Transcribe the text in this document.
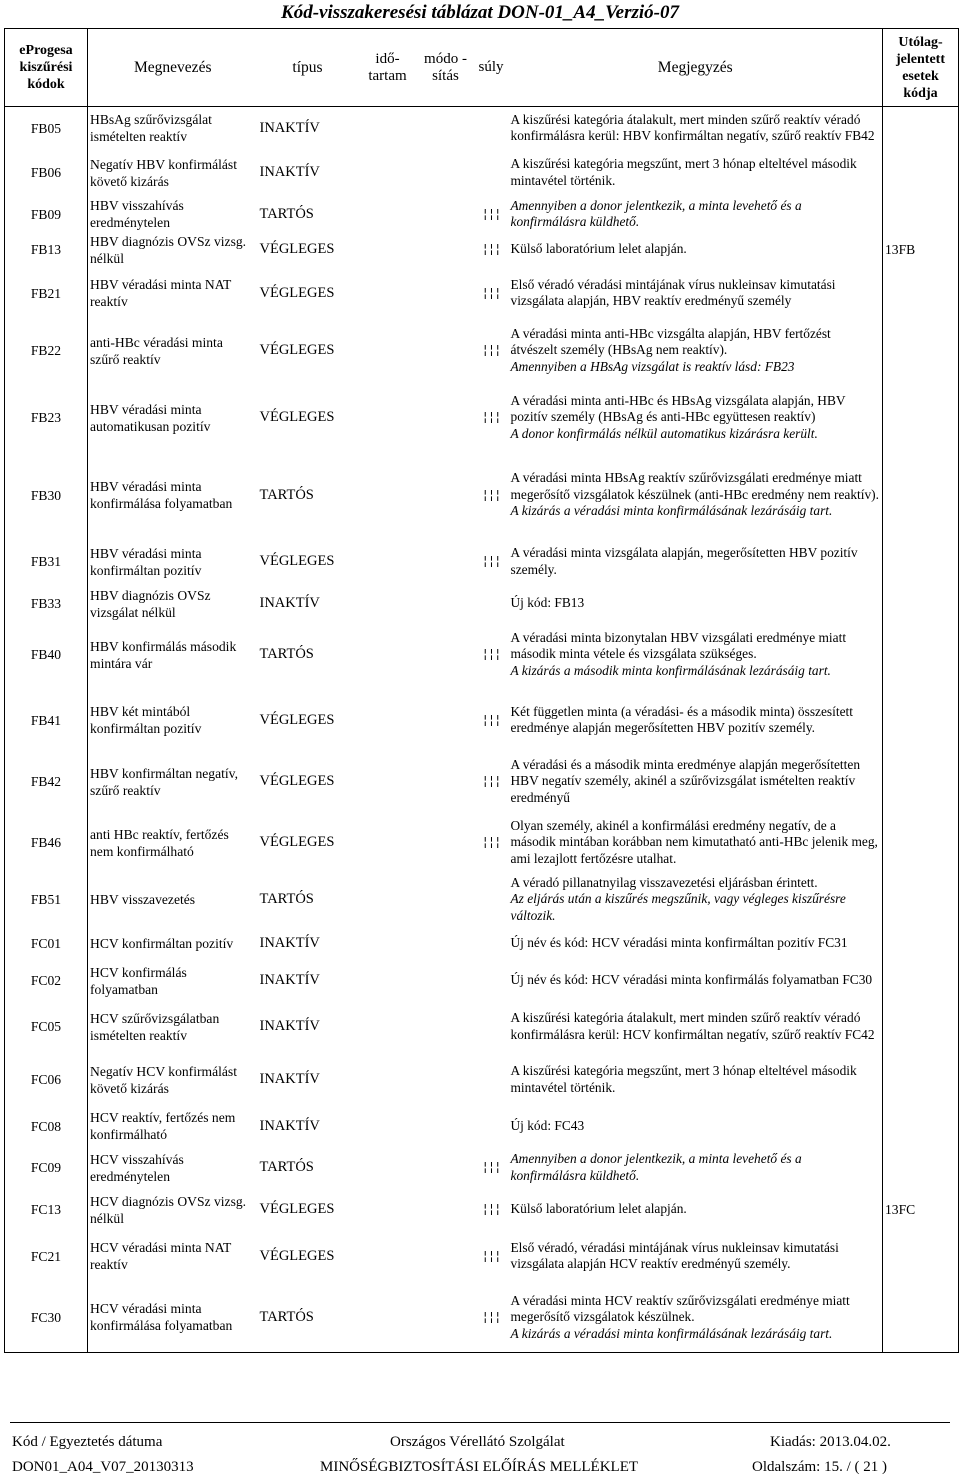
Kód-visszakeresési táblázat DON-01_A4_Verzió-07
eProgesa kiszűrési kódok	Megnevezés	típus	idő-tartam	módo -sítás	súly	Megjegyzés	Utólag-jelentett esetek kódja
FB05	HBsAg szűrővizsgálat ismételten reaktív	INAKTÍV				A kiszűrési kategória átalakult, mert minden szűrő reaktív véradó konfirmálásra kerül: HBV konfirmáltan negatív, szűrő reaktív FB42	
FB06	Negatív HBV konfirmálást követő kizárás	INAKTÍV				A kiszűrési kategória megszűnt, mert 3 hónap elteltével második mintavétel történik.	
FB09	HBV visszahívás eredménytelen	TARTÓS			¦¦¦	Amennyiben a donor jelentkezik, a minta levehető és a konfirmálásra küldhető.	
FB13	HBV diagnózis OVSz vizsg. nélkül	VÉGLEGES			¦¦¦	Külső laboratórium lelet alapján.	13FB
FB21	HBV véradási minta NAT reaktív	VÉGLEGES			¦¦¦	Első véradó véradási mintájának vírus nukleinsav kimutatási vizsgálata alapján, HBV reaktív eredményű személy	
FB22	anti-HBc véradási minta szűrő reaktív	VÉGLEGES			¦¦¦	A véradási minta anti-HBc vizsgálta alapján, HBV fertőzést átvészelt személy (HBsAg nem reaktív).
Amennyiben a HBsAg vizsgálat is reaktív lásd: FB23	
FB23	HBV véradási minta automatikusan pozitív	VÉGLEGES			¦¦¦	A véradási minta anti-HBc és HBsAg vizsgálata alapján, HBV pozitív személy (HBsAg és anti-HBc együttesen reaktív)
A donor konfirmálás nélkül automatikus kizárásra került.	
FB30	HBV véradási minta konfirmálása folyamatban	TARTÓS			¦¦¦	A véradási minta HBsAg reaktív szűrővizsgálati eredménye miatt megerősítő vizsgálatok készülnek (anti-HBc eredmény nem reaktív).
A kizárás a véradási minta konfirmálásának lezárásáig tart.	
FB31	HBV véradási minta konfirmáltan pozitív	VÉGLEGES			¦¦¦	A véradási minta vizsgálata alapján, megerősítetten HBV pozitív személy.	
FB33	HBV diagnózis OVSz vizsgálat nélkül	INAKTÍV				Új kód: FB13	
FB40	HBV konfirmálás második mintára vár	TARTÓS			¦¦¦	A véradási minta bizonytalan HBV vizsgálati eredménye miatt második minta vétele és vizsgálata szükséges.
A kizárás a második minta konfirmálásának lezárásáig tart.	
FB41	HBV két mintából konfirmáltan pozitív	VÉGLEGES			¦¦¦	Két független minta (a véradási- és a második minta) összesített eredménye alapján megerősítetten HBV pozitív személy.	
FB42	HBV konfirmáltan negatív, szűrő reaktív	VÉGLEGES			¦¦¦	A véradási és a második minta eredménye alapján megerősítetten HBV negatív személy, akinél a szűrővizsgálat ismételten reaktív eredményű	
FB46	anti HBc reaktív, fertőzés nem konfirmálható	VÉGLEGES			¦¦¦	Olyan személy, akinél a konfirmálási eredmény negatív, de a második mintában korábban nem kimutatható anti-HBc jelenik meg, ami lezajlott fertőzésre utalhat.	
FB51	HBV visszavezetés	TARTÓS				A véradó pillanatnyilag visszavezetési eljárásban érintett.
Az eljárás után a kiszűrés megszűnik, vagy végleges kiszűrésre változik.	
FC01	HCV konfirmáltan pozitív	INAKTÍV				Új név és kód: HCV véradási minta konfirmáltan pozitív FC31	
FC02	HCV konfirmálás folyamatban	INAKTÍV				Új név és kód: HCV véradási minta konfirmálás folyamatban FC30	
FC05	HCV szűrővizsgálatban ismételten reaktív	INAKTÍV				A kiszűrési kategória átalakult, mert minden szűrő reaktív véradó konfirmálásra kerül: HCV konfirmáltan negatív, szűrő reaktív FC42	
FC06	Negatív HCV konfirmálást követő kizárás	INAKTÍV				A kiszűrési kategória megszűnt, mert 3 hónap elteltével második mintavétel történik.	
FC08	HCV reaktív, fertőzés nem konfirmálható	INAKTÍV				Új kód: FC43	
FC09	HCV visszahívás eredménytelen	TARTÓS			¦¦¦	Amennyiben a donor jelentkezik, a minta levehető és a konfirmálásra küldhető.	
FC13	HCV diagnózis OVSz vizsg. nélkül	VÉGLEGES			¦¦¦	Külső laboratórium lelet alapján.	13FC
FC21	HCV véradási minta NAT reaktív	VÉGLEGES			¦¦¦	Első véradó, véradási mintájának vírus nukleinsav kimutatási vizsgálata alapján HCV reaktív eredményű személy.	
FC30	HCV véradási minta konfirmálása folyamatban	TARTÓS			¦¦¦	A véradási minta HCV reaktív szűrővizsgálati eredménye miatt megerősítő vizsgálatok készülnek.
A kizárás a véradási minta konfirmálásának lezárásáig tart.	
Kód / Egyeztetés dátuma	Országos Vérellátó Szolgálat	Kiadás: 2013.04.02.
DON01_A04_V07_20130313	MINŐSÉGBIZTOSÍTÁSI ELŐÍRÁS MELLÉKLET	Oldalszám: 15. / ( 21 )
